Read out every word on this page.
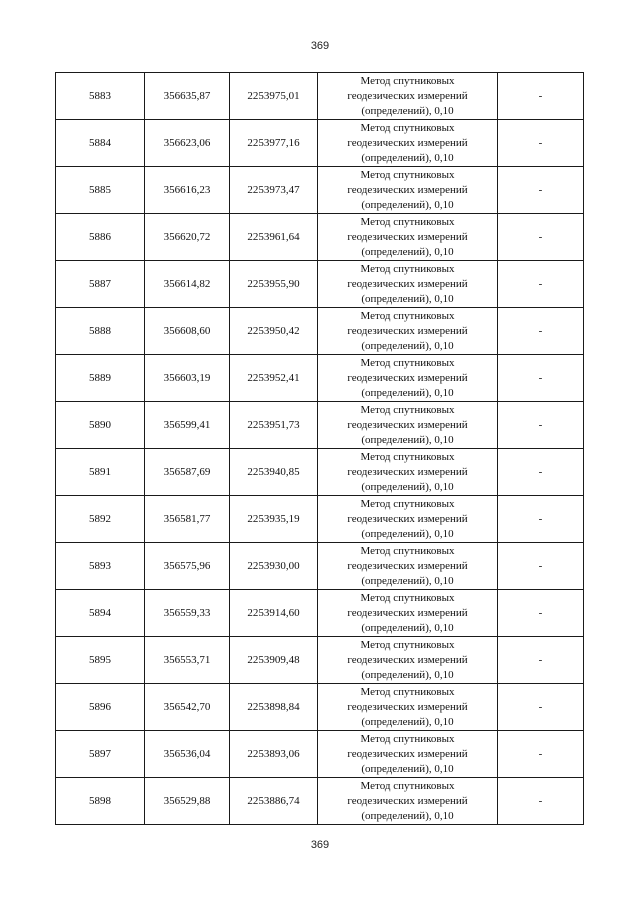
369
5883	356635,87	2253975,01	Метод спутниковых
геодезических измерений
(определений), 0,10	-
5884	356623,06	2253977,16	Метод спутниковых
геодезических измерений
(определений), 0,10	-
5885	356616,23	2253973,47	Метод спутниковых
геодезических измерений
(определений), 0,10	-
5886	356620,72	2253961,64	Метод спутниковых
геодезических измерений
(определений), 0,10	-
5887	356614,82	2253955,90	Метод спутниковых
геодезических измерений
(определений), 0,10	-
5888	356608,60	2253950,42	Метод спутниковых
геодезических измерений
(определений), 0,10	-
5889	356603,19	2253952,41	Метод спутниковых
геодезических измерений
(определений), 0,10	-
5890	356599,41	2253951,73	Метод спутниковых
геодезических измерений
(определений), 0,10	-
5891	356587,69	2253940,85	Метод спутниковых
геодезических измерений
(определений), 0,10	-
5892	356581,77	2253935,19	Метод спутниковых
геодезических измерений
(определений), 0,10	-
5893	356575,96	2253930,00	Метод спутниковых
геодезических измерений
(определений), 0,10	-
5894	356559,33	2253914,60	Метод спутниковых
геодезических измерений
(определений), 0,10	-
5895	356553,71	2253909,48	Метод спутниковых
геодезических измерений
(определений), 0,10	-
5896	356542,70	2253898,84	Метод спутниковых
геодезических измерений
(определений), 0,10	-
5897	356536,04	2253893,06	Метод спутниковых
геодезических измерений
(определений), 0,10	-
5898	356529,88	2253886,74	Метод спутниковых
геодезических измерений
(определений), 0,10	-
369
